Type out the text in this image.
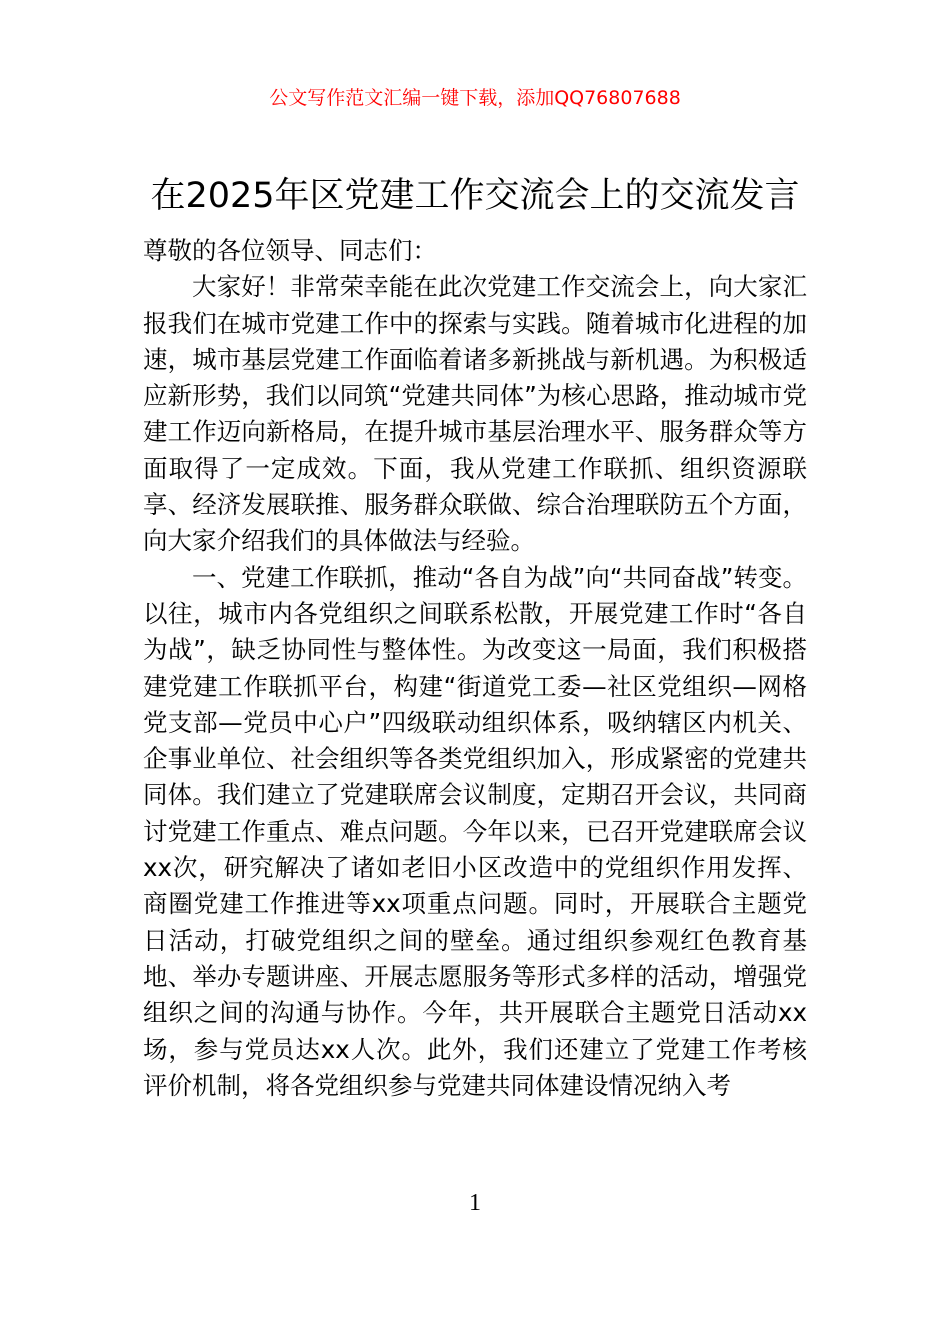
公文写作范文汇编一键下载，添加QQ76807688
在2025年区党建工作交流会上的交流发言

尊敬的各位领导、同志们：

大家好！非常荣幸能在此次党建工作交流会上，向大家汇报我们在城市党建工作中的探索与实践。随着城市化进程的加速，城市基层党建工作面临着诸多新挑战与新机遇。为积极适应新形势，我们以同筑“党建共同体”为核心思路，推动城市党建工作迈向新格局，在提升城市基层治理水平、服务群众等方面取得了一定成效。下面，我从党建工作联抓、组织资源联享、经济发展联推、服务群众联做、综合治理联防五个方面，向大家介绍我们的具体做法与经验。

一、党建工作联抓，推动“各自为战”向“共同奋战”转变。以往，城市内各党组织之间联系松散，开展党建工作时“各自为战”，缺乏协同性与整体性。为改变这一局面，我们积极搭建党建工作联抓平台，构建“街道党工委—社区党组织—网格党支部—党员中心户”四级联动组织体系，吸纳辖区内机关、企事业单位、社会组织等各类党组织加入，形成紧密的党建共同体。我们建立了党建联席会议制度，定期召开会议，共同商讨党建工作重点、难点问题。今年以来，已召开党建联席会议xx次，研究解决了诸如老旧小区改造中的党组织作用发挥、商圈党建工作推进等xx项重点问题。同时，开展联合主题党日活动，打破党组织之间的壁垒。通过组织参观红色教育基地、举办专题讲座、开展志愿服务等形式多样的活动，增强党组织之间的沟通与协作。今年，共开展联合主题党日活动xx场，参与党员达xx人次。此外，我们还建立了党建工作考核评价机制，将各党组织参与党建共同体建设情况纳入考

1
